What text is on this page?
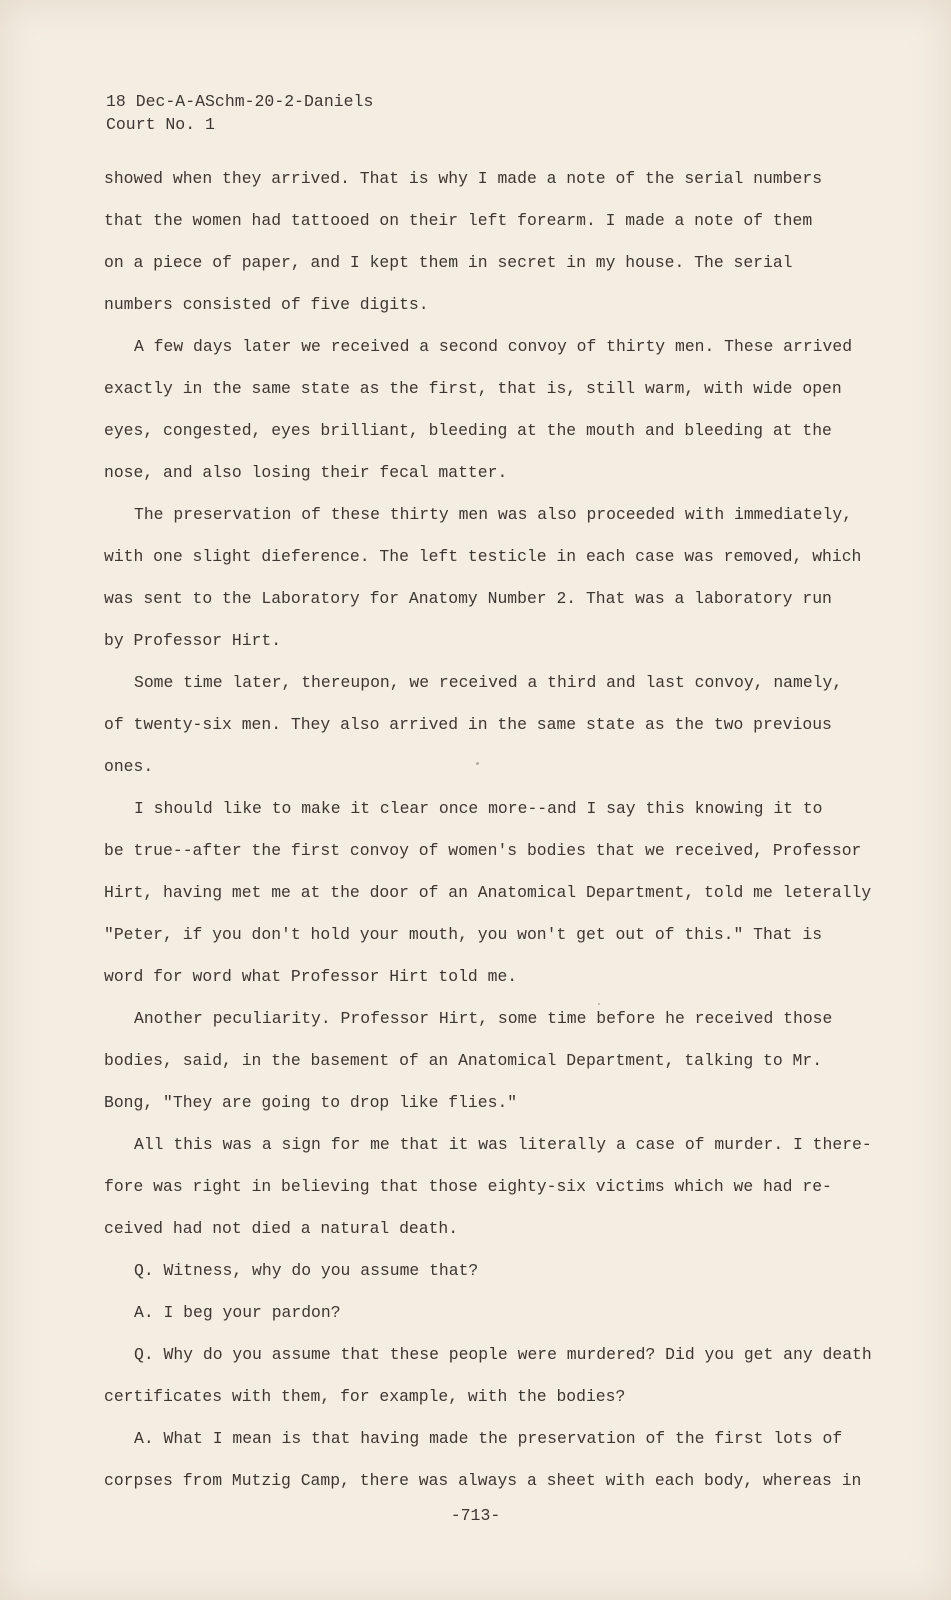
18 Dec-A-ASchm-20-2-Daniels
Court No. 1
showed when they arrived. That is why I made a note of the serial numbers
that the women had tattooed on their left forearm. I made a note of them
on a piece of paper, and I kept them in secret in my house. The serial
numbers consisted of five digits.
A few days later we received a second convoy of thirty men. These arrived
exactly in the same state as the first, that is, still warm, with wide open
eyes, congested, eyes brilliant, bleeding at the mouth and bleeding at the
nose, and also losing their fecal matter.
The preservation of these thirty men was also proceeded with immediately,
with one slight dieference. The left testicle in each case was removed, which
was sent to the Laboratory for Anatomy Number 2. That was a laboratory run
by Professor Hirt.
Some time later, thereupon, we received a third and last convoy, namely,
of twenty-six men. They also arrived in the same state as the two previous
ones.
I should like to make it clear once more--and I say this knowing it to
be true--after the first convoy of women's bodies that we received, Professor
Hirt, having met me at the door of an Anatomical Department, told me leterally
"Peter, if you don't hold your mouth, you won't get out of this." That is
word for word what Professor Hirt told me.
Another peculiarity. Professor Hirt, some time before he received those
bodies, said, in the basement of an Anatomical Department, talking to Mr.
Bong, "They are going to drop like flies."
All this was a sign for me that it was literally a case of murder. I there-
fore was right in believing that those eighty-six victims which we had re-
ceived had not died a natural death.
Q. Witness, why do you assume that?
A. I beg your pardon?
Q. Why do you assume that these people were murdered? Did you get any death
certificates with them, for example, with the bodies?
A. What I mean is that having made the preservation of the first lots of
corpses from Mutzig Camp, there was always a sheet with each body, whereas in
-713-
